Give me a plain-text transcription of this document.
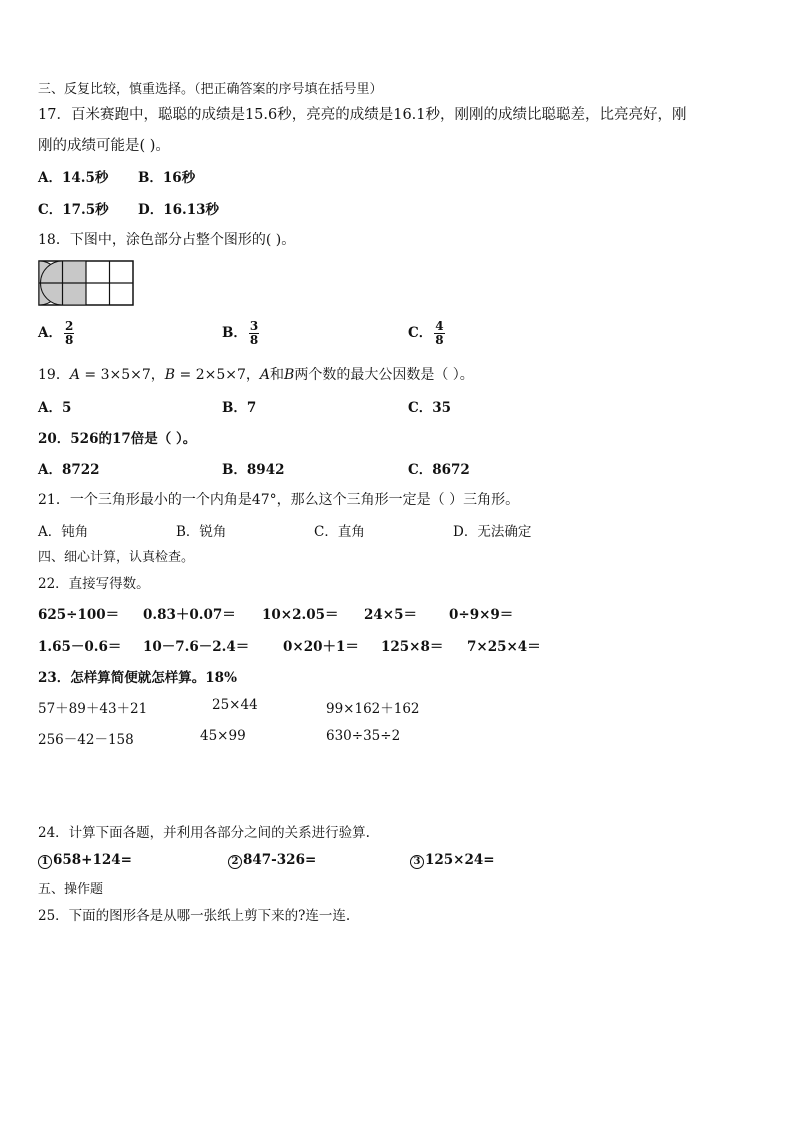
三、反复比较，慎重选择。（把正确答案的序号填在括号里）
17．百米赛跑中，聪聪的成绩是15.6秒，亮亮的成绩是16.1秒，刚刚的成绩比聪聪差，比亮亮好，刚
刚的成绩可能是( )。
A．14.5秒 B．16秒
C．17.5秒 D．16.13秒
18．下图中，涂色部分占整个图形的( )。
A． $\frac{2}{8}$	B． $\frac{3}{8}$	C． $\frac{4}{8}$
19．A = 3×5×7，B = 2×5×7，A和B两个数的最大公因数是（ ）。
A．5	B．7	C．35
20．526的17倍是（ ）。
A．8722	B．8942	C．8672
21．一个三角形最小的一个内角是47°，那么这个三角形一定是（ ）三角形。
A．钝角	B．锐角	C．直角	D．无法确定
四、细心计算，认真检查。
22．直接写得数。
625÷100＝ 0.83＋0.07＝ 10×2.05＝ 24×5＝ 0÷9×9＝
1.65－0.6＝ 10－7.6－2.4＝ 0×20＋1＝ 125×8＝ 7×25×4＝
23．怎样算简便就怎样算。18%
57＋89＋43＋21	25×44	99×162＋162
256－42－158	45×99	630÷35÷2
24．计算下面各题，并利用各部分之间的关系进行验算.
1 658+124=	2 847-326=	3 125×24=
五、操作题
25．下面的图形各是从哪一张纸上剪下来的?连一连.
